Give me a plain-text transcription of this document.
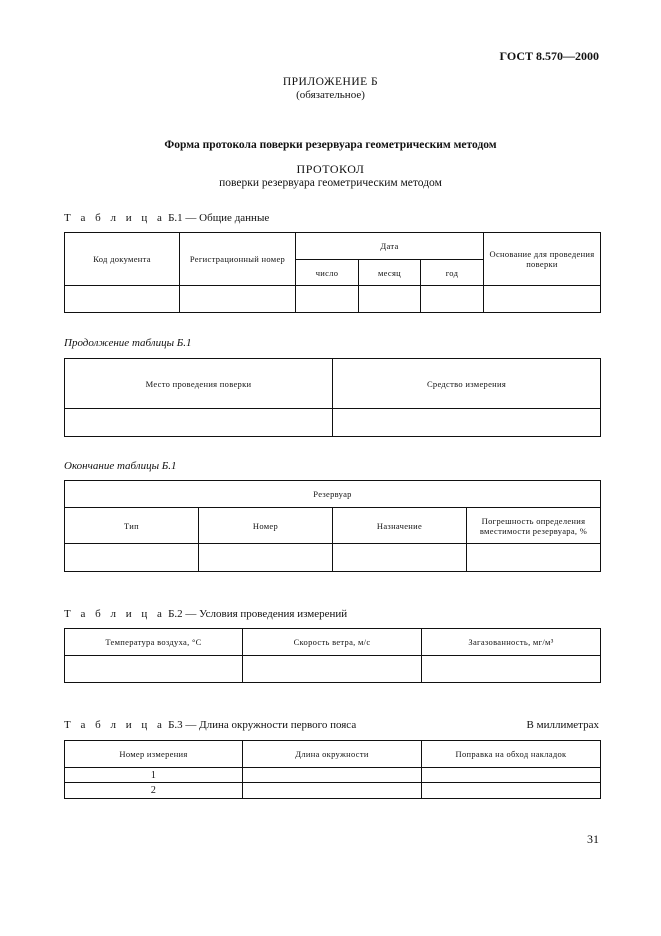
ГОСТ 8.570—2000
ПРИЛОЖЕНИЕ Б
(обязательное)
Форма протокола поверки резервуара геометрическим методом
ПРОТОКОЛ
поверки резервуара геометрическим методом
Т а б л и ц а Б.1 — Общие данные
Код документа	Регистрационный номер	Дата			Основание для проведения поверки
		число	месяц	год	

Продолжение таблицы Б.1
Место проведения поверки	Средство измерения

Окончание таблицы Б.1
Резервуар			
Тип	Номер	Назначение	Погрешность определения вместимости резервуара, %

Т а б л и ц а Б.2 — Условия проведения измерений
Температура воздуха, °С	Скорость ветра, м/с	Загазованность, мг/м³

Т а б л и ц а Б.3 — Длина окружности первого пояса	В миллиметрах
Номер измерения	Длина окружности	Поправка на обход накладок
1		
2		
31
